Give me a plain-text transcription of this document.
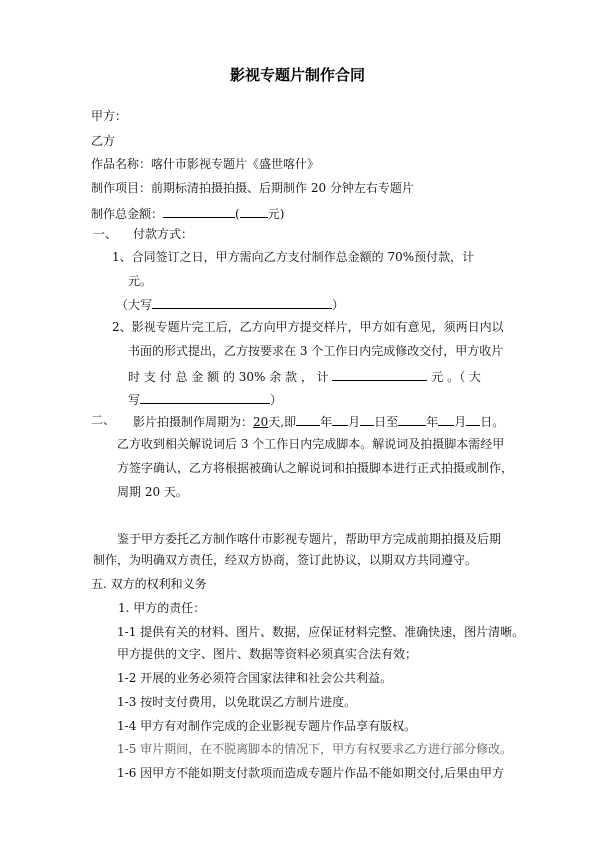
影视专题片制作合同
甲方：
乙方
作品名称：喀什市影视专题片《盛世喀什》
制作项目：前期标清拍摄拍摄、后期制作 20 分钟左右专题片
制作总金额：	( 元)
一、 付款方式：
1、合同签订之日，甲方需向乙方支付制作总金额的 70%预付款，计
元。
（大写	）
2、影视专题片完工后，乙方向甲方提交样片，甲方如有意见，须两日内以
书面的形式提出，乙方按要求在 3 个工作日内完成修改交付，甲方收片
时 支 付 总 金 额 的 30% 余 款 ， 计	元 。（ 大
写	）
二、 影片拍摄制作周期为：20天,即 年 月 日至 年 月 日。
乙方收到相关解说词后 3 个工作日内完成脚本。解说词及拍摄脚本需经甲
方签字确认，乙方将根据被确认之解说词和拍摄脚本进行正式拍摄或制作，
周期 20 天。
鉴于甲方委托乙方制作喀什市影视专题片，帮助甲方完成前期拍摄及后期
制作，为明确双方责任，经双方协商，签订此协议，以期双方共同遵守。
五. 双方的权利和义务
1. 甲方的责任：
1-1 提供有关的材料、图片、数据，应保证材料完整、准确快速，图片清晰。
甲方提供的文字、图片、数据等资料必须真实合法有效；
1-2 开展的业务必须符合国家法律和社会公共利益。
1-3 按时支付费用，以免耽误乙方制片进度。
1-4 甲方有对制作完成的企业影视专题片作品享有版权。
1-5 审片期间，在不脱离脚本的情况下，甲方有权要求乙方进行部分修改。
1-6 因甲方不能如期支付款项而造成专题片作品不能如期交付,后果由甲方
